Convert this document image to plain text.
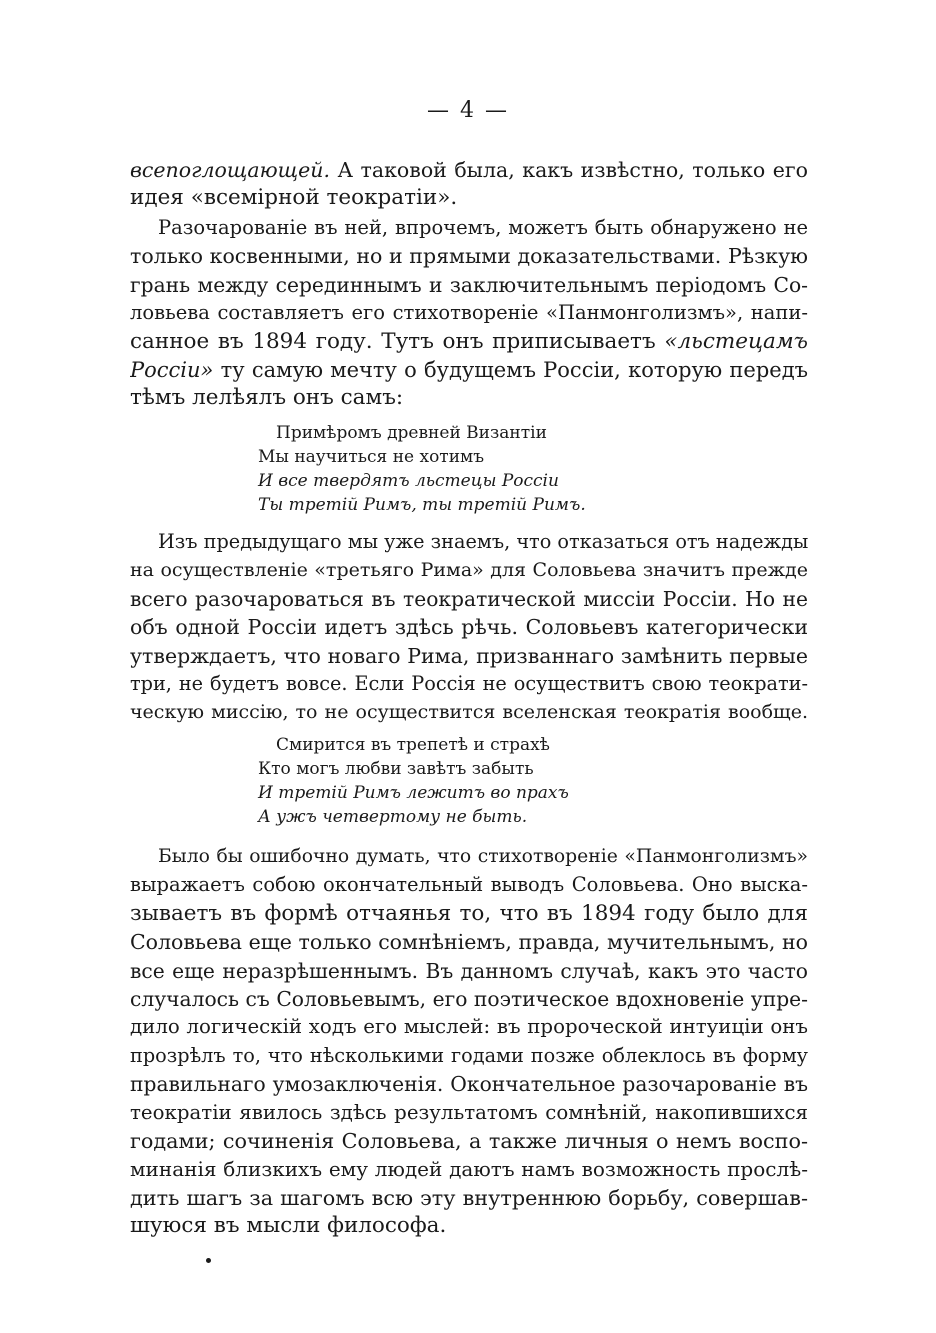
— 4 —
всепоглощающей. А таковой была, какъ извѣстно, только его
идея «всемірной теократіи».
Разочарованіе въ ней, впрочемъ, можетъ быть обнаружено не
только косвенными, но и прямыми доказательствами. Рѣзкую
грань между серединнымъ и заключительнымъ періодомъ Со-
ловьева составляетъ его стихотвореніе «Панмонголизмъ», напи-
санное въ 1894 году. Тутъ онъ приписываетъ «льстецамъ
Россіи» ту самую мечту о будущемъ Россіи, которую передъ
тѣмъ лелѣялъ онъ самъ:
Примѣромъ древней Византіи
Мы научиться не хотимъ
И все твердятъ льстецы Россіи
Ты третій Римъ, ты третій Римъ.
Изъ предыдущаго мы уже знаемъ, что отказаться отъ надежды
на осуществленіе «третьяго Рима» для Соловьева значитъ прежде
всего разочароваться въ теократической миссіи Россіи. Но не
объ одной Россіи идетъ здѣсь рѣчь. Соловьевъ категорически
утверждаетъ, что новаго Рима, призваннаго замѣнить первые
три, не будетъ вовсе. Если Россія не осуществитъ свою теократи-
ческую миссію, то не осуществится вселенская теократія вообще.
Смирится въ трепетѣ и страхѣ
Кто могъ любви завѣтъ забыть
И третій Римъ лежитъ во прахъ
А ужъ четвертому не быть.
Было бы ошибочно думать, что стихотвореніе «Панмонголизмъ»
выражаетъ собою окончательный выводъ Соловьева. Оно выска-
зываетъ въ формѣ отчаянья то, что въ 1894 году было для
Соловьева еще только сомнѣніемъ, правда, мучительнымъ, но
все еще неразрѣшеннымъ. Въ данномъ случаѣ, какъ это часто
случалось съ Соловьевымъ, его поэтическое вдохновеніе упре-
дило логическій ходъ его мыслей: въ пророческой интуиціи онъ
прозрѣлъ то, что нѣсколькими годами позже облеклось въ форму
правильнаго умозаключенія. Окончательное разочарованіе въ
теократіи явилось здѣсь результатомъ сомнѣній, накопившихся
годами; сочиненія Соловьева, а также личныя о немъ воспо-
минанія близкихъ ему людей даютъ намъ возможность прослѣ-
дить шагъ за шагомъ всю эту внутреннюю борьбу, совершав-
шуюся въ мысли философа.
